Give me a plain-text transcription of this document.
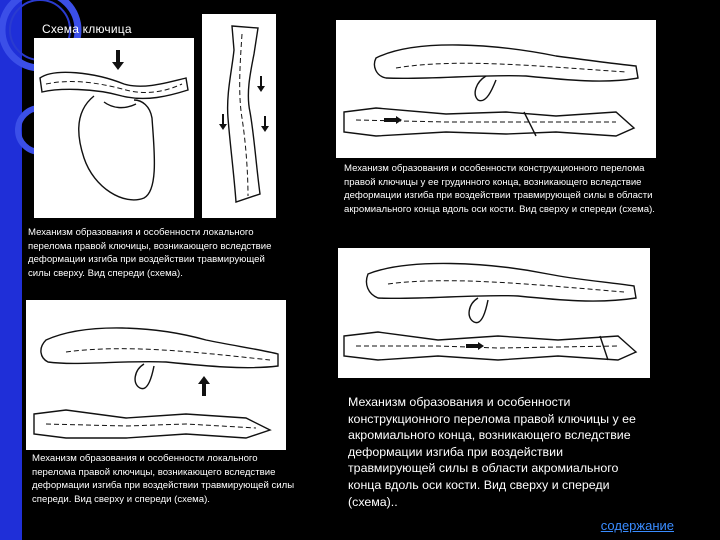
Схема ключица
Механизм образования и особенности локального перелома правой ключицы, возникающего вследствие деформации изгиба при воздействии травмирующей силы сверху. Вид спереди (схема).
Механизм образования и особенности конструкционного перелома правой ключицы у ее грудинного конца, возникающего вследствие деформации изгиба при воздействии травмирующей силы в области акромиального конца вдоль оси кости. Вид сверху и спереди (схема).
Механизм образования и особенности локального перелома правой ключицы, возникающего вследствие деформации изгиба при воздействии травмирующей силы спереди. Вид сверху и спереди (схема).
Механизм образования и особенности конструкционного перелома правой ключицы у ее акромиального конца, возникающего вследствие деформации изгиба при воздействии травмирующей силы в области акромиального конца вдоль оси кости. Вид сверху и спереди (схема)..
содержание
